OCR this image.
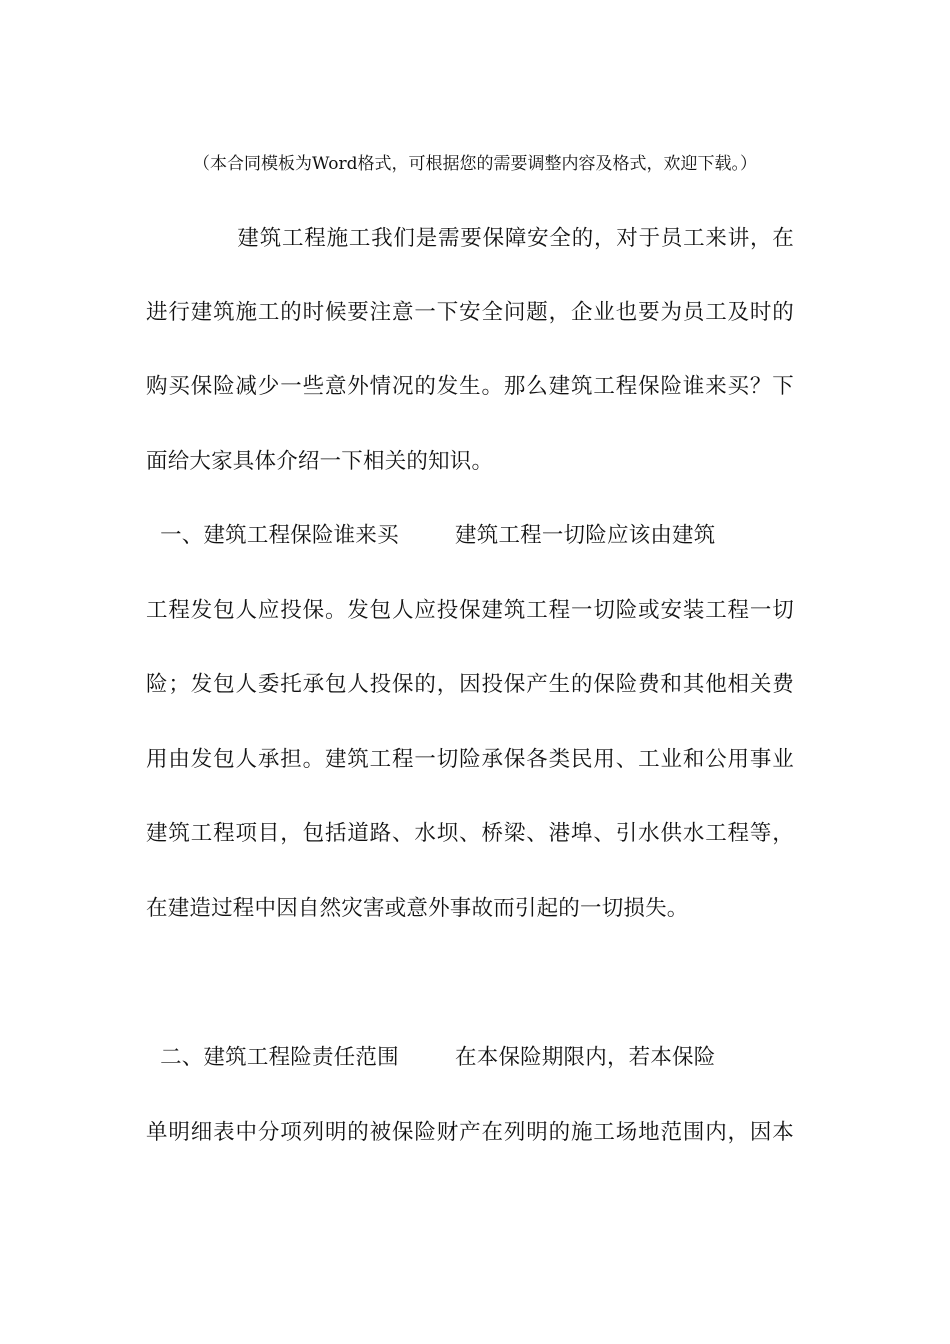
（本合同模板为Word格式，可根据您的需要调整内容及格式，欢迎下载。）
建筑工程施工我们是需要保障安全的，对于员工来讲，在
进行建筑施工的时候要注意一下安全问题，企业也要为员工及时的
购买保险减少一些意外情况的发生。那么建筑工程保险谁来买？下
面给大家具体介绍一下相关的知识。
一、建筑工程保险谁来买        建筑工程一切险应该由建筑
工程发包人应投保。发包人应投保建筑工程一切险或安装工程一切
险；发包人委托承包人投保的，因投保产生的保险费和其他相关费
用由发包人承担。建筑工程一切险承保各类民用、工业和公用事业
建筑工程项目，包括道路、水坝、桥梁、港埠、引水供水工程等，
在建造过程中因自然灾害或意外事故而引起的一切损失。
二、建筑工程险责任范围        在本保险期限内，若本保险
单明细表中分项列明的被保险财产在列明的施工场地范围内，因本
